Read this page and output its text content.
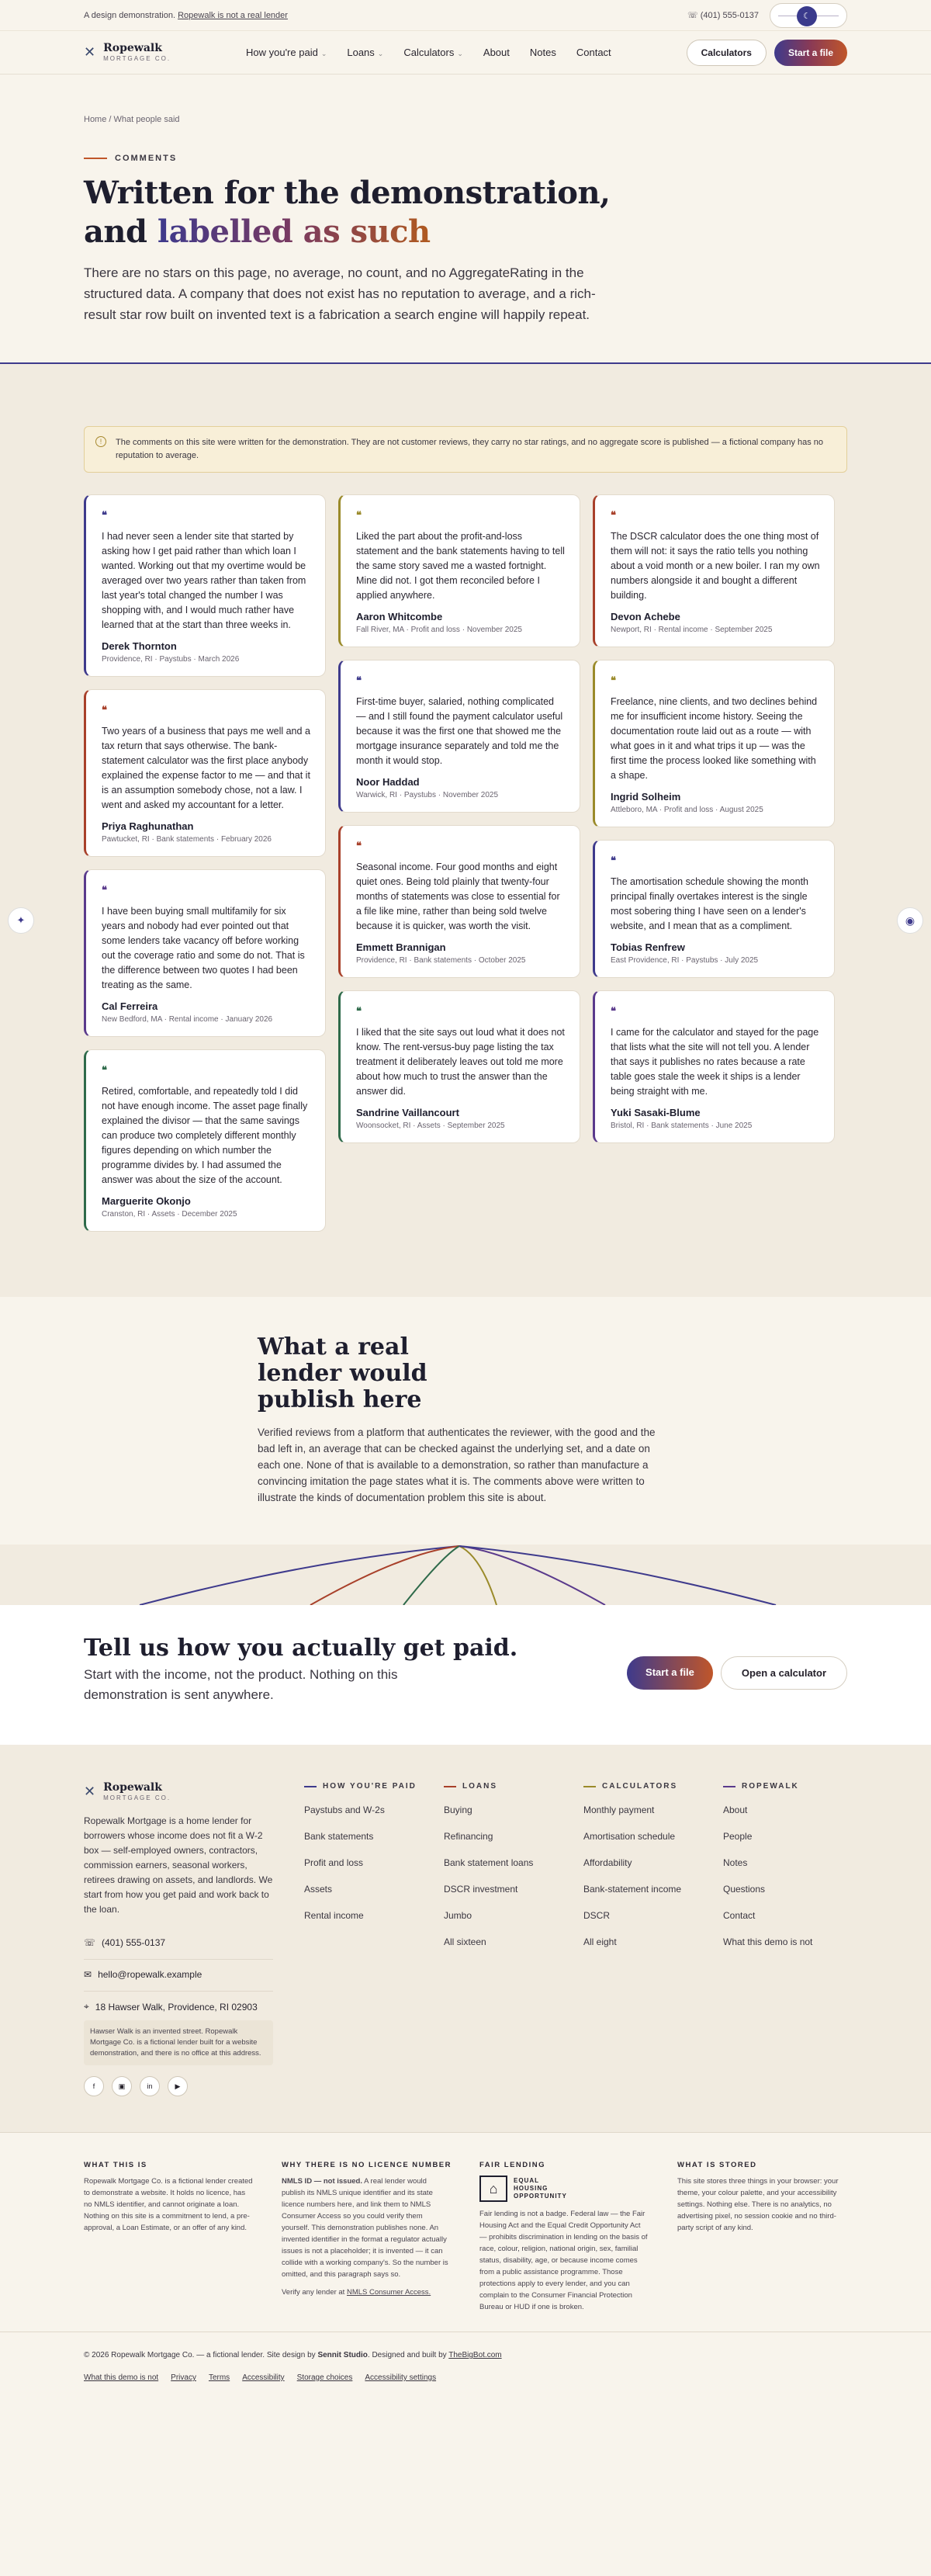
A design demonstration. Ropewalk is not a real lender	☏ (401) 555-0137	☾
✕ Ropewalk
MORTGAGE CO.
How you're paid ⌄ Loans ⌄ Calculators ⌄ About Notes Contact	Calculators	Start a file
Home / What people said
COMMENTS
Written for the demonstration,
and labelled as such

There are no stars on this page, no average, no count, and no AggregateRating in the structured data. A company that does not exist has no reputation to average, and a rich-result star row built on invented text is a fabrication a search engine will happily repeat.

!	The comments on this site were written for the demonstration. They are not customer reviews, they carry no star ratings, and no aggregate score is published — a fictional company has no reputation to average.
❝
I had never seen a lender site that started by asking how I get paid rather than which loan I wanted. Working out that my overtime would be averaged over two years rather than taken from last year's total changed the number I was shopping with, and I would much rather have learned that at the start than three weeks in.
Derek Thornton
Providence, RI · Paystubs · March 2026
❝
Two years of a business that pays me well and a tax return that says otherwise. The bank-statement calculator was the first place anybody explained the expense factor to me — and that it is an assumption somebody chose, not a law. I went and asked my accountant for a letter.
Priya Raghunathan
Pawtucket, RI · Bank statements · February 2026
❝
I have been buying small multifamily for six years and nobody had ever pointed out that some lenders take vacancy off before working out the coverage ratio and some do not. That is the difference between two quotes I had been treating as the same.
Cal Ferreira
New Bedford, MA · Rental income · January 2026
❝
Retired, comfortable, and repeatedly told I did not have enough income. The asset page finally explained the divisor — that the same savings can produce two completely different monthly figures depending on which number the programme divides by. I had assumed the answer was about the size of the account.
Marguerite Okonjo
Cranston, RI · Assets · December 2025
❝
Liked the part about the profit-and-loss statement and the bank statements having to tell the same story saved me a wasted fortnight. Mine did not. I got them reconciled before I applied anywhere.
Aaron Whitcombe
Fall River, MA · Profit and loss · November 2025
❝
First-time buyer, salaried, nothing complicated — and I still found the payment calculator useful because it was the first one that showed me the mortgage insurance separately and told me the month it would stop.
Noor Haddad
Warwick, RI · Paystubs · November 2025
❝
Seasonal income. Four good months and eight quiet ones. Being told plainly that twenty-four months of statements was close to essential for a file like mine, rather than being sold twelve because it is quicker, was worth the visit.
Emmett Brannigan
Providence, RI · Bank statements · October 2025
❝
I liked that the site says out loud what it does not know. The rent-versus-buy page listing the tax treatment it deliberately leaves out told me more about how much to trust the answer than the answer did.
Sandrine Vaillancourt
Woonsocket, RI · Assets · September 2025
❝
The DSCR calculator does the one thing most of them will not: it says the ratio tells you nothing about a void month or a new boiler. I ran my own numbers alongside it and bought a different building.
Devon Achebe
Newport, RI · Rental income · September 2025
❝
Freelance, nine clients, and two declines behind me for insufficient income history. Seeing the documentation route laid out as a route — with what goes in it and what trips it up — was the first time the process looked like something with a shape.
Ingrid Solheim
Attleboro, MA · Profit and loss · August 2025
❝
The amortisation schedule showing the month principal finally overtakes interest is the single most sobering thing I have seen on a lender's website, and I mean that as a compliment.
Tobias Renfrew
East Providence, RI · Paystubs · July 2025
❝
I came for the calculator and stayed for the page that lists what the site will not tell you. A lender that says it publishes no rates because a rate table goes stale the week it ships is a lender being straight with me.
Yuki Sasaki-Blume
Bristol, RI · Bank statements · June 2025
✦	◉
What a real lender would publish here

Verified reviews from a platform that authenticates the reviewer, with the good and the bad left in, an average that can be checked against the underlying set, and a date on each one. None of that is available to a demonstration, so rather than manufacture a convincing imitation the page states what it is. The comments above were written to illustrate the kinds of documentation problem this site is about.

Tell us how you actually get paid.

Start with the income, not the product. Nothing on this demonstration is sent anywhere.

Start a file	Open a calculator
✕ Ropewalk
MORTGAGE CO.
Ropewalk Mortgage is a home lender for borrowers whose income does not fit a W-2 box — self-employed owners, contractors, commission earners, seasonal workers, retirees drawing on assets, and landlords. We start from how you get paid and work back to the loan.
☏ (401) 555-0137
✉ hello@ropewalk.example
⌖ 18 Hawser Walk, Providence, RI 02903
Hawser Walk is an invented street. Ropewalk Mortgage Co. is a fictional lender built for a website demonstration, and there is no office at this address.
f	▣	in	▶
HOW YOU'RE PAID
Paystubs and W-2s
Bank statements
Profit and loss
Assets
Rental income
LOANS
Buying
Refinancing
Bank statement loans
DSCR investment
Jumbo
All sixteen
CALCULATORS
Monthly payment
Amortisation schedule
Affordability
Bank-statement income
DSCR
All eight
ROPEWALK
About
People
Notes
Questions
Contact
What this demo is not
WHAT THIS IS

Ropewalk Mortgage Co. is a fictional lender created to demonstrate a website. It holds no licence, has no NMLS identifier, and cannot originate a loan. Nothing on this site is a commitment to lend, a pre-approval, a Loan Estimate, or an offer of any kind.

WHY THERE IS NO LICENCE NUMBER

NMLS ID — not issued. A real lender would publish its NMLS unique identifier and its state licence numbers here, and link them to NMLS Consumer Access so you could verify them yourself. This demonstration publishes none. An invented identifier in the format a regulator actually issues is not a placeholder; it is invented — it can collide with a working company's. So the number is omitted, and this paragraph says so.

Verify any lender at NMLS Consumer Access.

FAIR LENDING
⌂	EQUAL HOUSING OPPORTUNITY

Fair lending is not a badge. Federal law — the Fair Housing Act and the Equal Credit Opportunity Act — prohibits discrimination in lending on the basis of race, colour, religion, national origin, sex, familial status, disability, age, or because income comes from a public assistance programme. Those protections apply to every lender, and you can complain to the Consumer Financial Protection Bureau or HUD if one is broken.

WHAT IS STORED

This site stores three things in your browser: your theme, your colour palette, and your accessibility settings. Nothing else. There is no analytics, no advertising pixel, no session cookie and no third-party script of any kind.

© 2026 Ropewalk Mortgage Co. — a fictional lender. Site design by Sennit Studio. Designed and built by TheBigBot.com
What this demo is not Privacy Terms Accessibility Storage choices Accessibility settings
